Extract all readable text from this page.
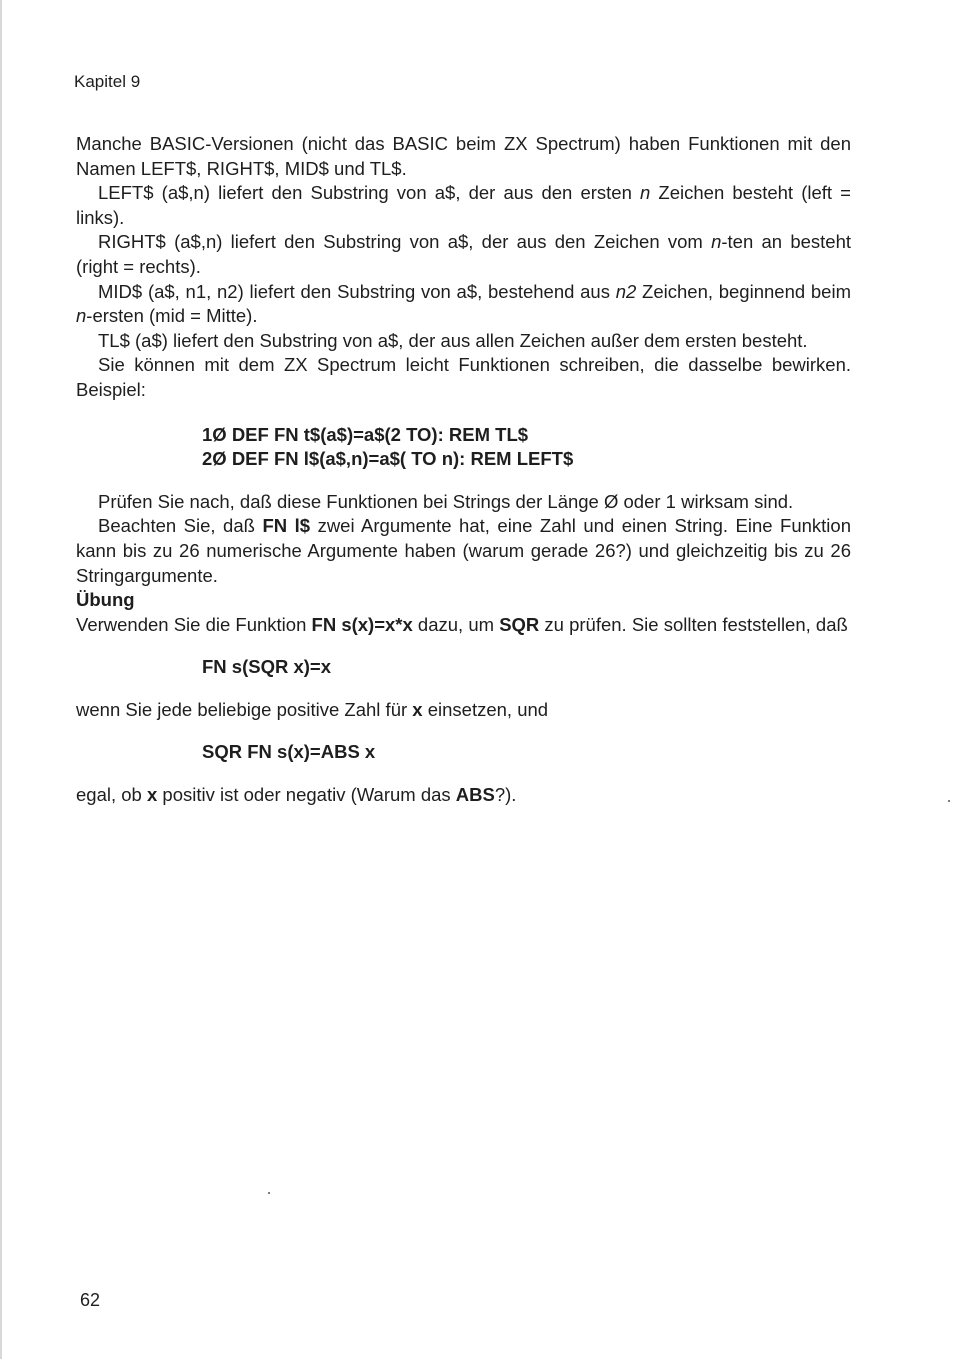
Kapitel 9

Manche BASIC-Versionen (nicht das BASIC beim ZX Spectrum) haben Funktionen mit den Namen LEFT$, RIGHT$, MID$ und TL$.

LEFT$ (a$,n) liefert den Substring von a$, der aus den ersten n Zeichen besteht (left = links).

RIGHT$ (a$,n) liefert den Substring von a$, der aus den Zeichen vom n-ten an besteht (right = rechts).

MID$ (a$, n1, n2) liefert den Substring von a$, bestehend aus n2 Zeichen, beginnend beim n-ersten (mid = Mitte).

TL$ (a$) liefert den Substring von a$, der aus allen Zeichen außer dem ersten besteht.

Sie können mit dem ZX Spectrum leicht Funktionen schreiben, die dasselbe bewirken. Beispiel:

1Ø DEF FN t$(a$)=a$(2 TO): REM TL$
2Ø DEF FN l$(a$,n)=a$( TO n): REM LEFT$

Prüfen Sie nach, daß diese Funktionen bei Strings der Länge Ø oder 1 wirksam sind.

Beachten Sie, daß FN l$ zwei Argumente hat, eine Zahl und einen String. Eine Funktion kann bis zu 26 numerische Argumente haben (warum gerade 26?) und gleichzeitig bis zu 26 Stringargumente.

Übung

Verwenden Sie die Funktion FN s(x)=x*x dazu, um SQR zu prüfen. Sie sollten feststellen, daß

FN s(SQR x)=x

wenn Sie jede beliebige positive Zahl für x einsetzen, und

SQR FN s(x)=ABS x

egal, ob x positiv ist oder negativ (Warum das ABS?).

62
